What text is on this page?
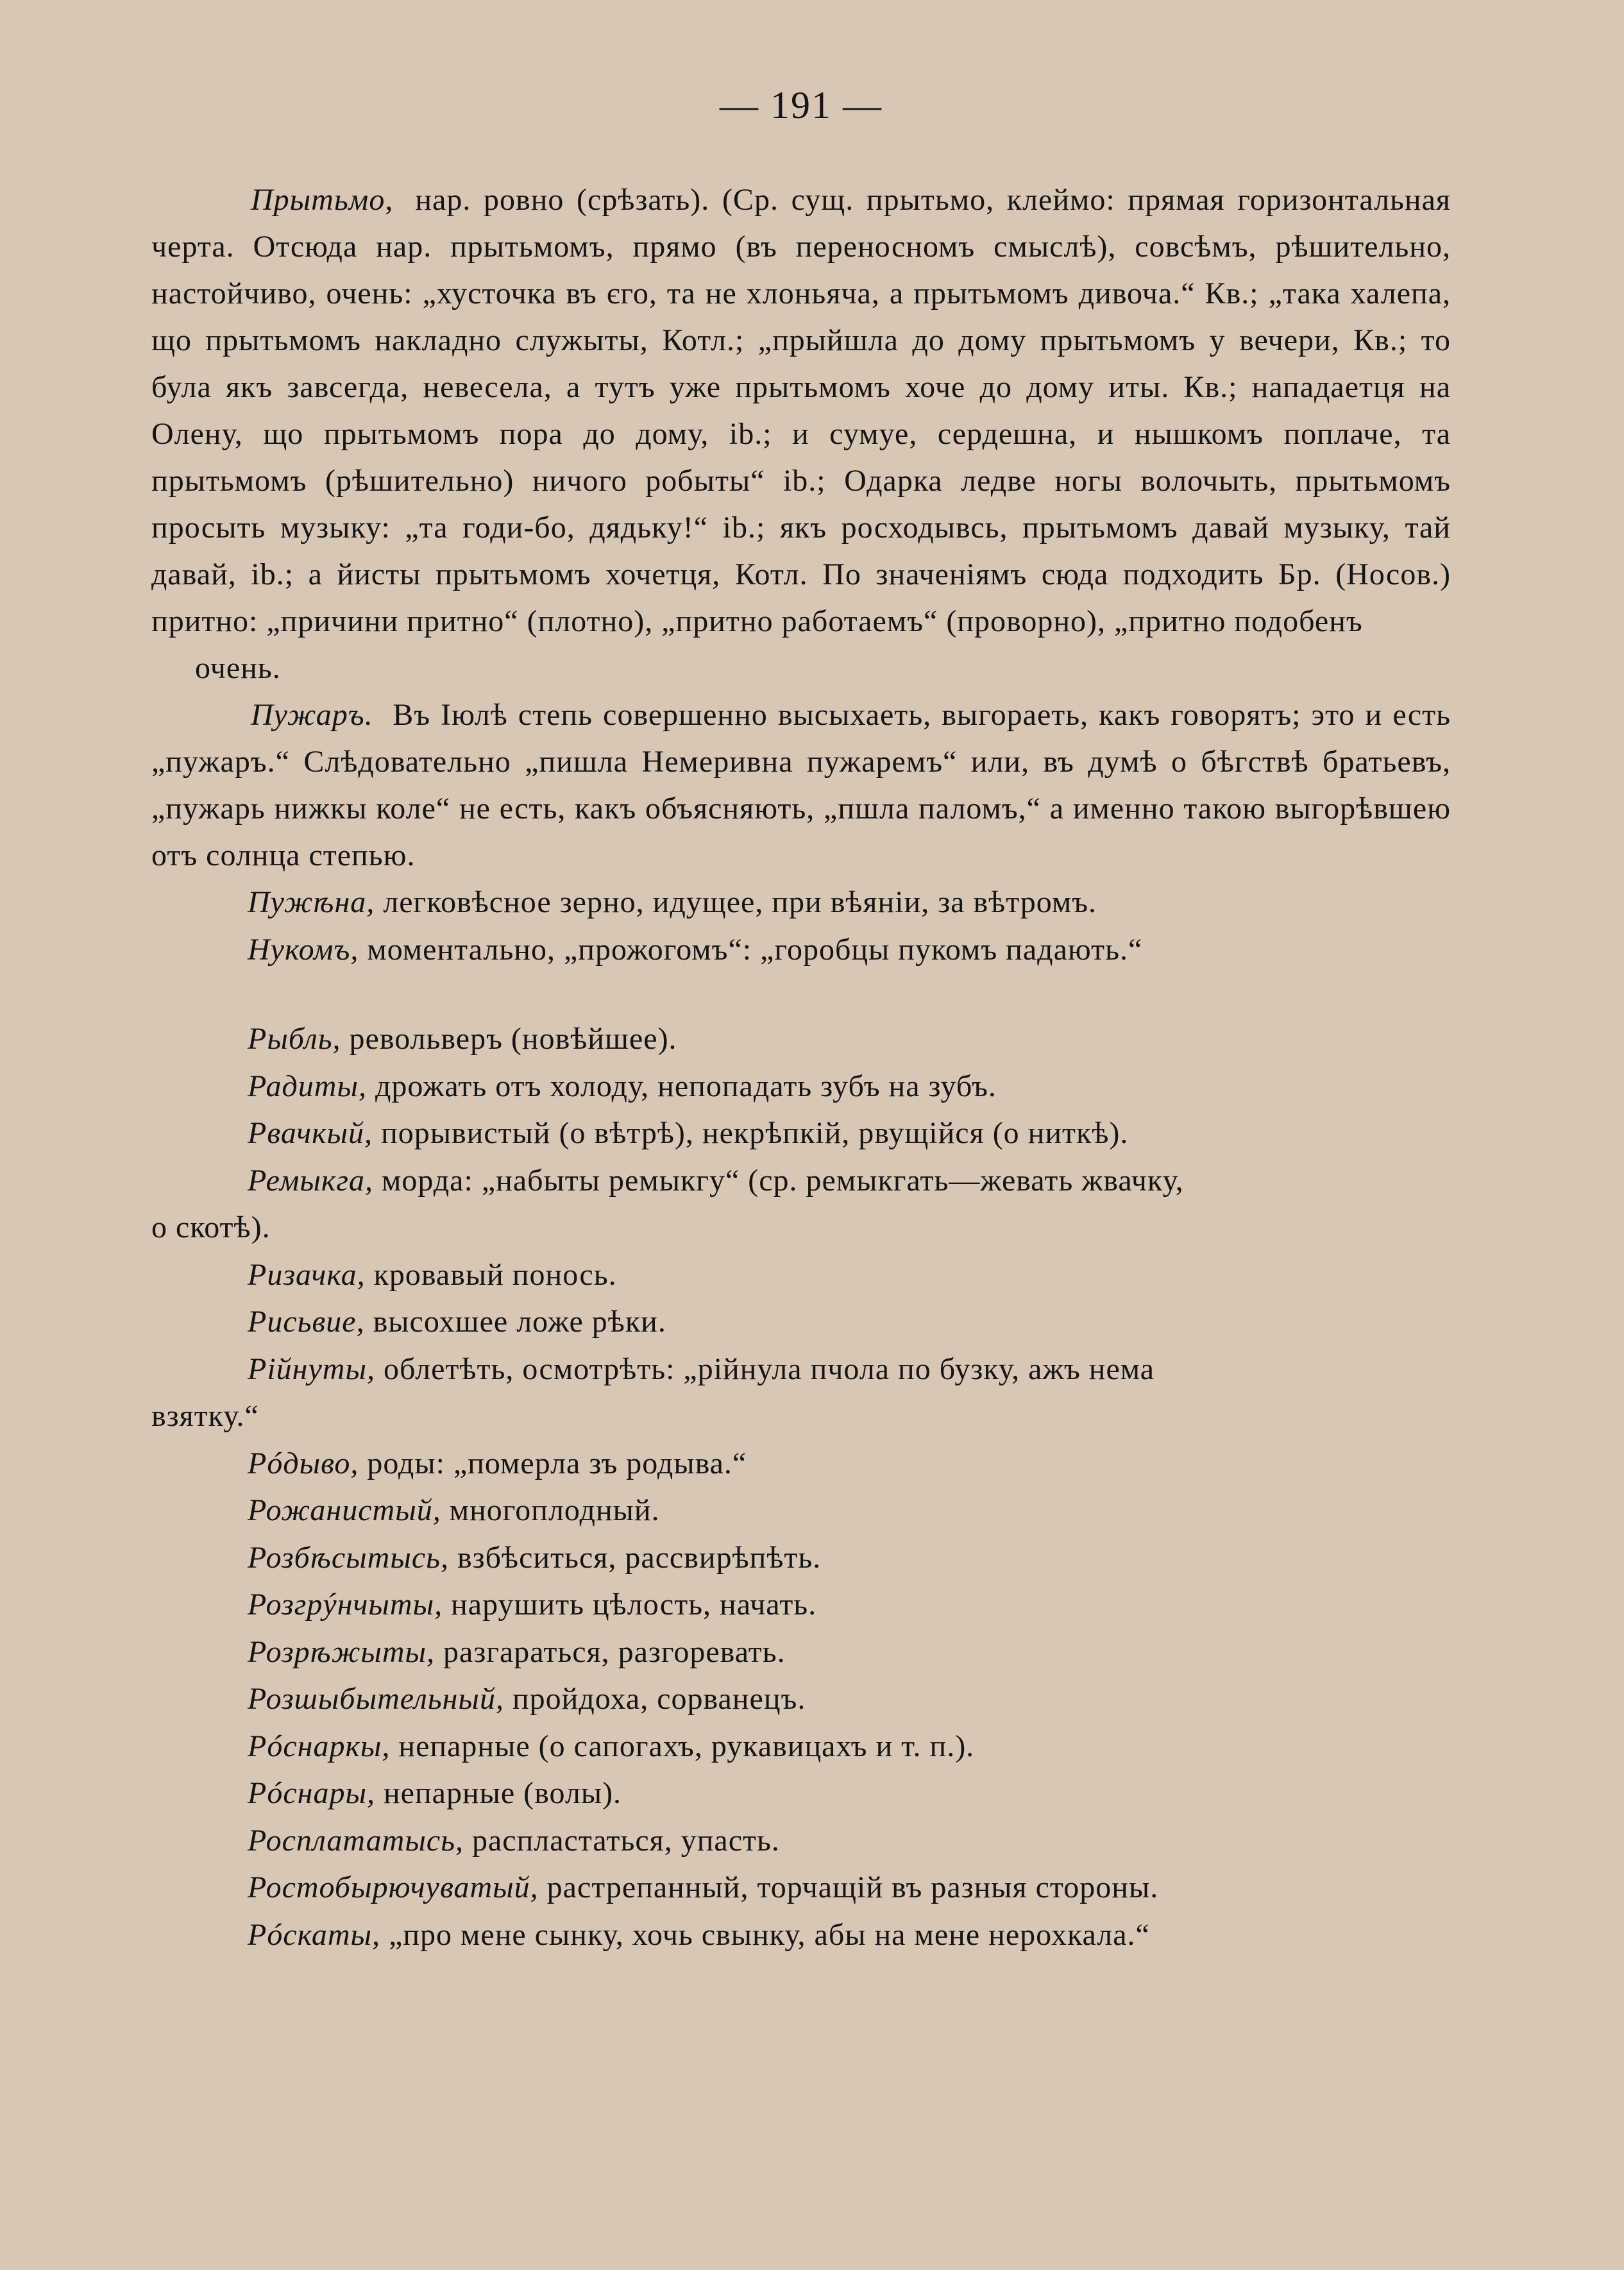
— 191 —

Прытьмо, нар. ровно (срѣзать). (Ср. сущ. прытьмо, клеймо: прямая горизонтальная черта. Отсюда нар. прытьмомъ, прямо (въ переносномъ смыслѣ), совсѣмъ, рѣшительно, настойчиво, очень: „хусточка въ єго, та не хлоньяча, а прытьмомъ дивоча.“ Кв.; „така халепа, що прытьмомъ накладно служыты, Котл.; „прыйшла до дому прытьмомъ у вечери, Кв.; то була якъ завсегда, невесела, а тутъ уже прытьмомъ хоче до дому иты. Кв.; нападаетця на Олену, що прытьмомъ пора до дому, ib.; и сумуе, сердешна, и нышкомъ поплаче, та прытьмомъ (рѣшительно) ничого робыты“ ib.; Одарка ледве ногы волочыть, прытьмомъ просыть музыку: „та годи-бо, дядьку!“ ib.; якъ росходывсь, прытьмомъ давай музыку, тай давай, ib.; а йисты прытьмомъ хочетця, Котл. По значеніямъ сюда подходить Бр. (Носов.) притно: „причини притно“ (плотно), „притно работаемъ“ (проворно), „притно подобенъ
очень.

Пужаръ. Въ Іюлѣ степь совершенно высыхаеть, выгораеть, какъ говорятъ; это и есть „пужаръ.“ Слѣдовательно „пишла Немеривна пужаремъ“ или, въ думѣ о бѣгствѣ братьевъ, „пужарь нижкы коле“ не есть, какъ объясняють, „пшла паломъ,“ а именно такою выгорѣвшею отъ солнца степью.

Пужѣна, легковѣсное зерно, идущее, при вѣяніи, за вѣтромъ.

Нукомъ, моментально, „прожогомъ“: „горобцы пукомъ падають.“

Рыбль, револьверъ (новѣйшее).

Радиты, дрожать отъ холоду, непопадать зубъ на зубъ.

Рвачкый, порывистый (о вѣтрѣ), некрѣпкій, рвущійся (о ниткѣ).

Ремыкга, морда: „набыты ремыкгу“ (ср. ремыкгать—жевать жвачку,
о скотѣ).

Ризачка, кровавый понось.

Рисьвие, высохшее ложе рѣки.

Рійнуты, облетѣть, осмотрѣть: „рійнула пчола по бузку, ажъ нема
взятку.“

Рóдыво, роды: „померла зъ родыва.“

Рожанистый, многоплодный.

Розбѣсытысь, взбѣситься, рассвирѣпѣть.

Розгрýнчыты, нарушить цѣлость, начать.

Розрѣжыты, разгараться, разгоревать.

Розшыбытельный, пройдоха, сорванецъ.

Рóснаркы, непарные (о сапогахъ, рукавицахъ и т. п.).

Рóснары, непарные (волы).

Росплататысь, распластаться, упасть.

Ростобырючуватый, растрепанный, торчащій въ разныя стороны.

Рóскаты, „про мене сынку, хочь свынку, абы на мене нерохкала.“
